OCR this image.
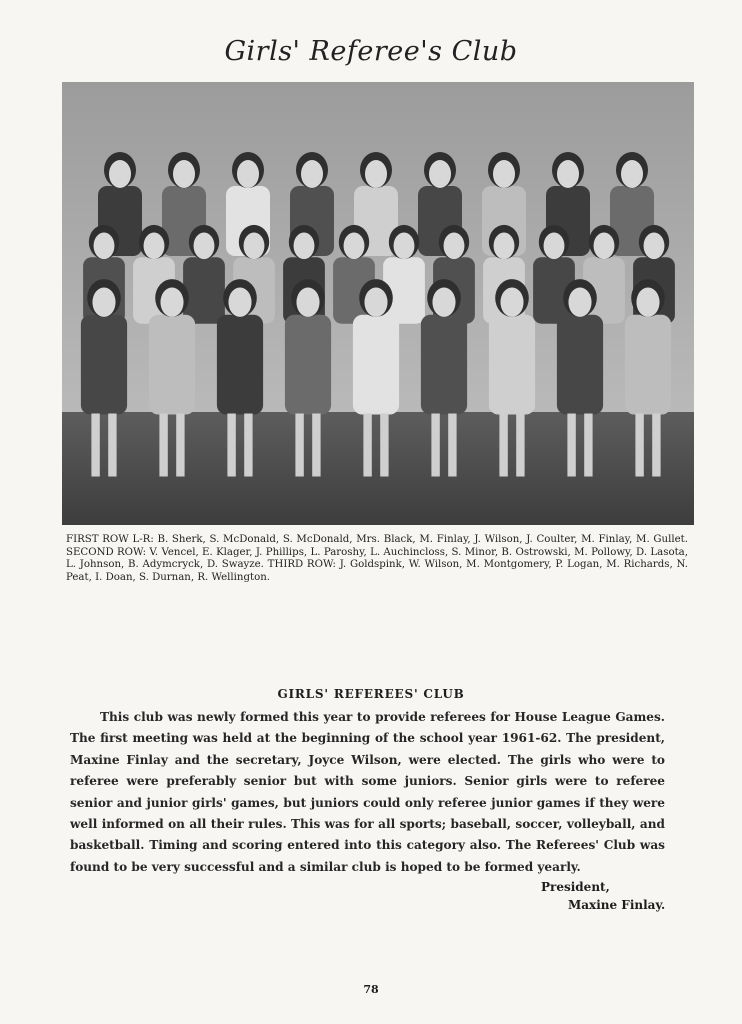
Girls' Referee's Club
FIRST ROW L-R: B. Sherk, S. McDonald, S. McDonald, Mrs. Black, M. Finlay, J. Wilson, J. Coulter, M. Finlay, M. Gullet. SECOND ROW: V. Vencel, E. Klager, J. Phillips, L. Paroshy, L. Auchincloss, S. Minor, B. Ostrowski, M. Pollowy, D. Lasota, L. Johnson, B. Adymcryck, D. Swayze. THIRD ROW: J. Goldspink, W. Wilson, M. Montgomery, P. Logan, M. Richards, N. Peat, I. Doan, S. Durnan, R. Wellington.
GIRLS' REFEREES' CLUB
This club was newly formed this year to provide referees for House League Games. The first meeting was held at the beginning of the school year 1961-62. The president, Maxine Finlay and the secretary, Joyce Wilson, were elected. The girls who were to referee were preferably senior but with some juniors. Senior girls were to referee senior and junior girls' games, but juniors could only referee junior games if they were well informed on all their rules. This was for all sports; baseball, soccer, volleyball, and basketball. Timing and scoring entered into this category also. The Referees' Club was found to be very successful and a similar club is hoped to be formed yearly.
President,
Maxine Finlay.
78
